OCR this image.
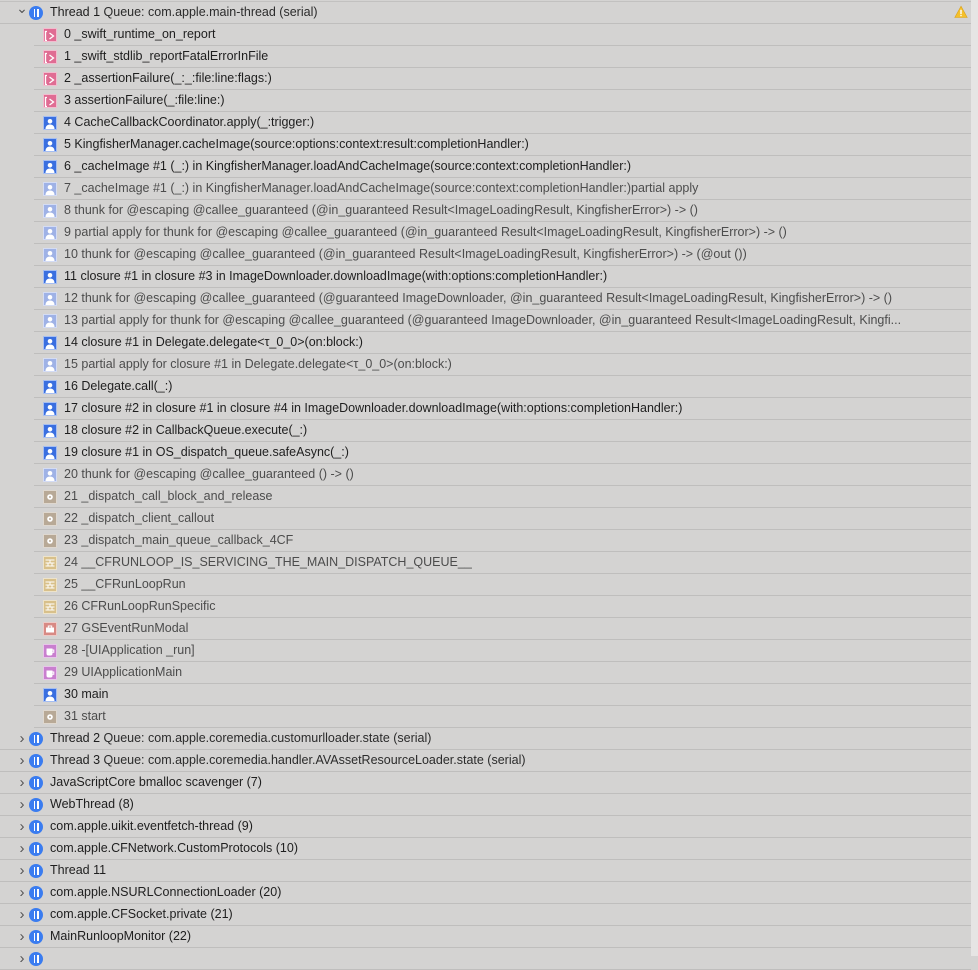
⌄ Thread 1 Queue: com.apple.main-thread (serial)
0 _swift_runtime_on_report
1 _swift_stdlib_reportFatalErrorInFile
2 _assertionFailure(_:_:file:line:flags:)
3 assertionFailure(_:file:line:)
4 CacheCallbackCoordinator.apply(_:trigger:)
5 KingfisherManager.cacheImage(source:options:context:result:completionHandler:)
6 _cacheImage #1 (_:) in KingfisherManager.loadAndCacheImage(source:context:completionHandler:)
7 _cacheImage #1 (_:) in KingfisherManager.loadAndCacheImage(source:context:completionHandler:)partial apply
8 thunk for @escaping @callee_guaranteed (@in_guaranteed Result<ImageLoadingResult, KingfisherError>) -> ()
9 partial apply for thunk for @escaping @callee_guaranteed (@in_guaranteed Result<ImageLoadingResult, KingfisherError>) -> ()
10 thunk for @escaping @callee_guaranteed (@in_guaranteed Result<ImageLoadingResult, KingfisherError>) -> (@out ())
11 closure #1 in closure #3 in ImageDownloader.downloadImage(with:options:completionHandler:)
12 thunk for @escaping @callee_guaranteed (@guaranteed ImageDownloader, @in_guaranteed Result<ImageLoadingResult, KingfisherError>) -> ()
13 partial apply for thunk for @escaping @callee_guaranteed (@guaranteed ImageDownloader, @in_guaranteed Result<ImageLoadingResult, Kingfi...
14 closure #1 in Delegate.delegate<τ_0_0>(on:block:)
15 partial apply for closure #1 in Delegate.delegate<τ_0_0>(on:block:)
16 Delegate.call(_:)
17 closure #2 in closure #1 in closure #4 in ImageDownloader.downloadImage(with:options:completionHandler:)
18 closure #2 in CallbackQueue.execute(_:)
19 closure #1 in OS_dispatch_queue.safeAsync(_:)
20 thunk for @escaping @callee_guaranteed () -> ()
21 _dispatch_call_block_and_release
22 _dispatch_client_callout
23 _dispatch_main_queue_callback_4CF
24 __CFRUNLOOP_IS_SERVICING_THE_MAIN_DISPATCH_QUEUE__
25 __CFRunLoopRun
26 CFRunLoopRunSpecific
27 GSEventRunModal
28 -[UIApplication _run]
29 UIApplicationMain
30 main
31 start
› Thread 2 Queue: com.apple.coremedia.customurlloader.state (serial)
› Thread 3 Queue: com.apple.coremedia.handler.AVAssetResourceLoader.state (serial)
› JavaScriptCore bmalloc scavenger (7)
› WebThread (8)
› com.apple.uikit.eventfetch-thread (9)
› com.apple.CFNetwork.CustomProtocols (10)
› Thread 11
› com.apple.NSURLConnectionLoader (20)
› com.apple.CFSocket.private (21)
› MainRunloopMonitor (22)
›
